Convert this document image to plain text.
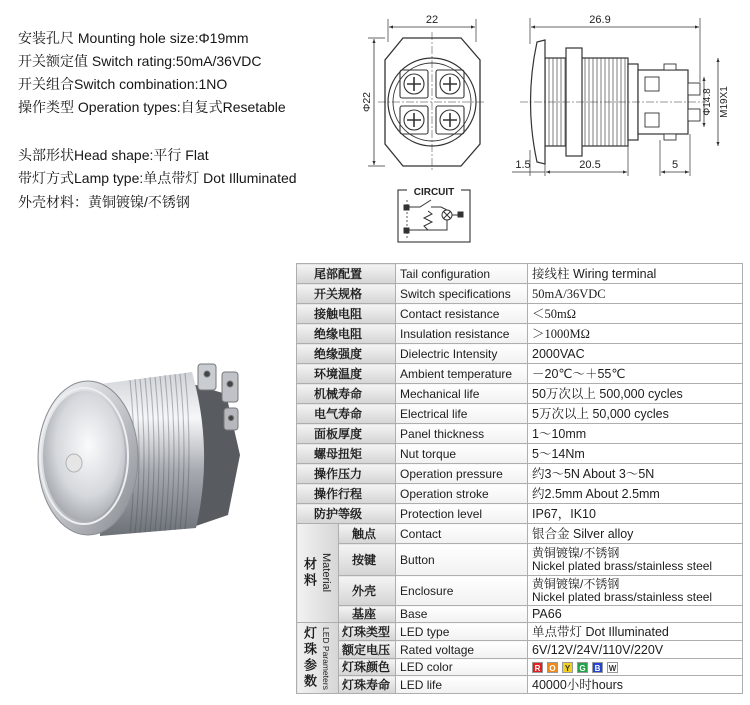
安装孔尺 Mounting hole size:Φ19mm
开关额定值 Switch rating:50mA/36VDC
开关组合Switch combination:1NO
操作类型 Operation types:自复式Resetable
头部形状Head shape:平行 Flat
带灯方式Lamp type:单点带灯 Dot Illuminated
外壳材料：黄铜镀镍/不锈钢
22
Φ22
26.9
Φ14.8 M19X1
1.5	20.5	5
CIRCUIT
尾部配置		Tail configuration	接线柱 Wiring terminal
开关规格		Switch specifications	50mA/36VDC
接触电阻		Contact resistance	＜50mΩ
绝缘电阻		Insulation resistance	＞1000MΩ
绝缘强度		Dielectric Intensity	2000VAC
环境温度		Ambient temperature	－20℃～＋55℃
机械寿命		Mechanical life	50万次以上 500,000 cycles
电气寿命		Electrical life	5万次以上 50,000 cycles
面板厚度		Panel thickness	1～10mm
螺母扭矩		Nut torque	5～14Nm
操作压力		Operation pressure	约3～5N About 3～5N
操作行程		Operation stroke	约2.5mm About 2.5mm
防护等级		Protection level	IP67，IK10

材料 Material	触点	Contact	银合金 Silver alloy
	按键	Button	黄铜镀镍/不锈钢
Nickel plated brass/stainless steel

	外壳	Enclosure	黄铜镀镍/不锈钢
Nickel plated brass/stainless steel

	基座	Base	PA66

灯珠参数 LED Parameters	灯珠类型	LED type	单点带灯 Dot Illuminated
	额定电压	Rated voltage	6V/12V/24V/110V/220V
	灯珠颜色	LED color	R O Y G B W
	灯珠寿命	LED life	40000小时hours
